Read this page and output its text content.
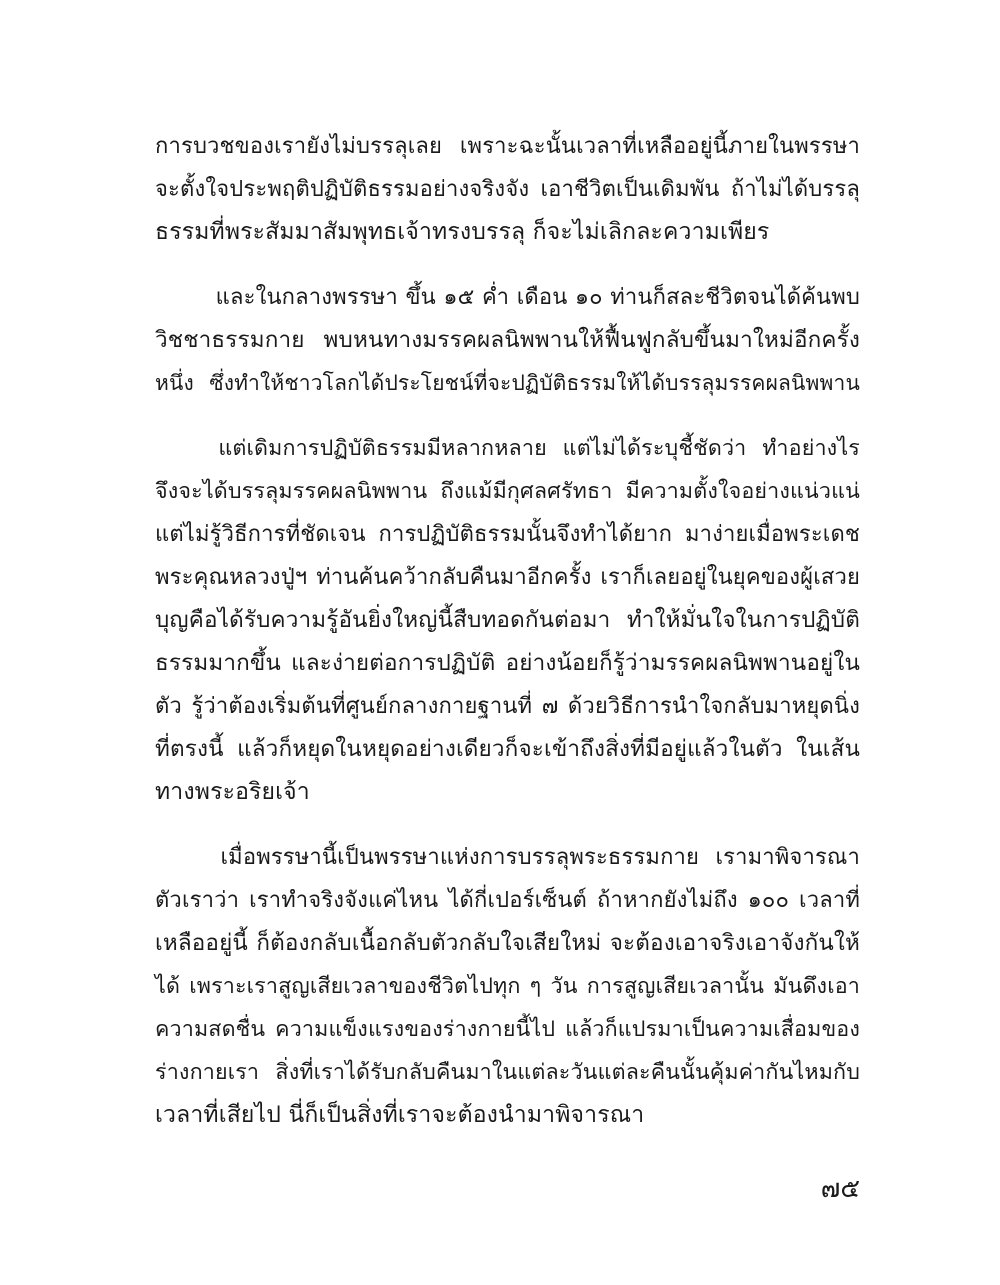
การบวชของเรายังไม่บรรลุเลย เพราะฉะนั้นเวลาที่เหลืออยู่นี้ภายในพรรษา
จะตั้งใจประพฤติปฏิบัติธรรมอย่างจริงจัง เอาชีวิตเป็นเดิมพัน ถ้าไม่ได้บรรลุ
ธรรมที่พระสัมมาสัมพุทธเจ้าทรงบรรลุ ก็จะไม่เลิกละความเพียร

และในกลางพรรษา ขึ้น ๑๕ ค่ำ เดือน ๑๐ ท่านก็สละชีวิตจนได้ค้นพบ
วิชชาธรรมกาย พบหนทางมรรคผลนิพพานให้ฟื้นฟูกลับขึ้นมาใหม่อีกครั้ง
หนึ่ง ซึ่งทำให้ชาวโลกได้ประโยชน์ที่จะปฏิบัติธรรมให้ได้บรรลุมรรคผลนิพพาน

แต่เดิมการปฏิบัติธรรมมีหลากหลาย  แต่ไม่ได้ระบุชี้ชัดว่า  ทำอย่างไร
จึงจะได้บรรลุมรรคผลนิพพาน ถึงแม้มีกุศลศรัทธา มีความตั้งใจอย่างแน่วแน่
แต่ไม่รู้วิธีการที่ชัดเจน การปฏิบัติธรรมนั้นจึงทำได้ยาก มาง่ายเมื่อพระเดช
พระคุณหลวงปู่ฯ ท่านค้นคว้ากลับคืนมาอีกครั้ง เราก็เลยอยู่ในยุคของผู้เสวย
บุญคือได้รับความรู้อันยิ่งใหญ่นี้สืบทอดกันต่อมา ทำให้มั่นใจในการปฏิบัติ
ธรรมมากขึ้น และง่ายต่อการปฏิบัติ อย่างน้อยก็รู้ว่ามรรคผลนิพพานอยู่ใน
ตัว รู้ว่าต้องเริ่มต้นที่ศูนย์กลางกายฐานที่ ๗ ด้วยวิธีการนำใจกลับมาหยุดนิ่ง
ที่ตรงนี้ แล้วก็หยุดในหยุดอย่างเดียวก็จะเข้าถึงสิ่งที่มีอยู่แล้วในตัว ในเส้น
ทางพระอริยเจ้า

เมื่อพรรษานี้เป็นพรรษาแห่งการบรรลุพระธรรมกาย  เรามาพิจารณา
ตัวเราว่า เราทำจริงจังแค่ไหน ได้กี่เปอร์เซ็นต์ ถ้าหากยังไม่ถึง ๑๐๐ เวลาที่
เหลืออยู่นี้ ก็ต้องกลับเนื้อกลับตัวกลับใจเสียใหม่ จะต้องเอาจริงเอาจังกันให้
ได้ เพราะเราสูญเสียเวลาของชีวิตไปทุก ๆ วัน การสูญเสียเวลานั้น มันดึงเอา
ความสดชื่น ความแข็งแรงของร่างกายนี้ไป แล้วก็แปรมาเป็นความเสื่อมของ
ร่างกายเรา สิ่งที่เราได้รับกลับคืนมาในแต่ละวันแต่ละคืนนั้นคุ้มค่ากันไหมกับ
เวลาที่เสียไป นี่ก็เป็นสิ่งที่เราจะต้องนำมาพิจารณา

๗๕
